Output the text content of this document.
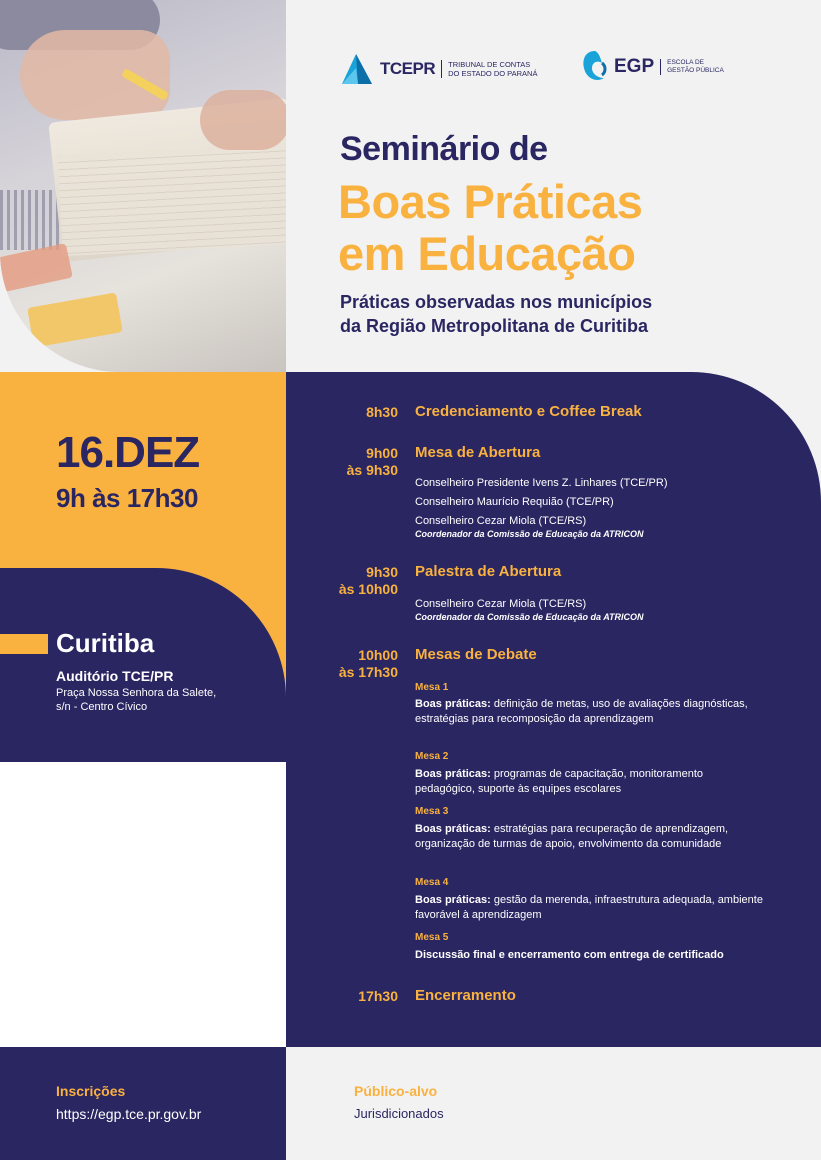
TCEPR	TRIBUNAL DE CONTAS
DO ESTADO DO PARANÁ	EGP	ESCOLA DE
GESTÃO PÚBLICA
Seminário de
Boas Práticas
em Educação
Práticas observadas nos municípios
da Região Metropolitana de Curitiba
16.DEZ
9h às 17h30
Curitiba
Auditório TCE/PR
Praça Nossa Senhora da Salete, s/n - Centro Cívico
8h30 Credenciamento e Coffee Break
9h00
às 9h30
Mesa de Abertura
Conselheiro Presidente Ivens Z. Linhares (TCE/PR)
Conselheiro Maurício Requião (TCE/PR)
Conselheiro Cezar Miola (TCE/RS)
Coordenador da Comissão de Educação da ATRICON
9h30
às 10h00
Palestra de Abertura
Conselheiro Cezar Miola (TCE/RS)
Coordenador da Comissão de Educação da ATRICON
10h00
às 17h30
Mesas de Debate
Mesa 1
Boas práticas: definição de metas, uso de avaliações diagnósticas, estratégias para recomposição da aprendizagem
Mesa 2
Boas práticas: programas de capacitação, monitoramento pedagógico, suporte às equipes escolares
Mesa 3
Boas práticas: estratégias para recuperação de aprendizagem, organização de turmas de apoio, envolvimento da comunidade
Mesa 4
Boas práticas: gestão da merenda, infraestrutura adequada, ambiente favorável à aprendizagem
Mesa 5
Discussão final e encerramento com entrega de certificado
17h30 Encerramento
Inscrições
https://egp.tce.pr.gov.br
Público-alvo
Jurisdicionados
